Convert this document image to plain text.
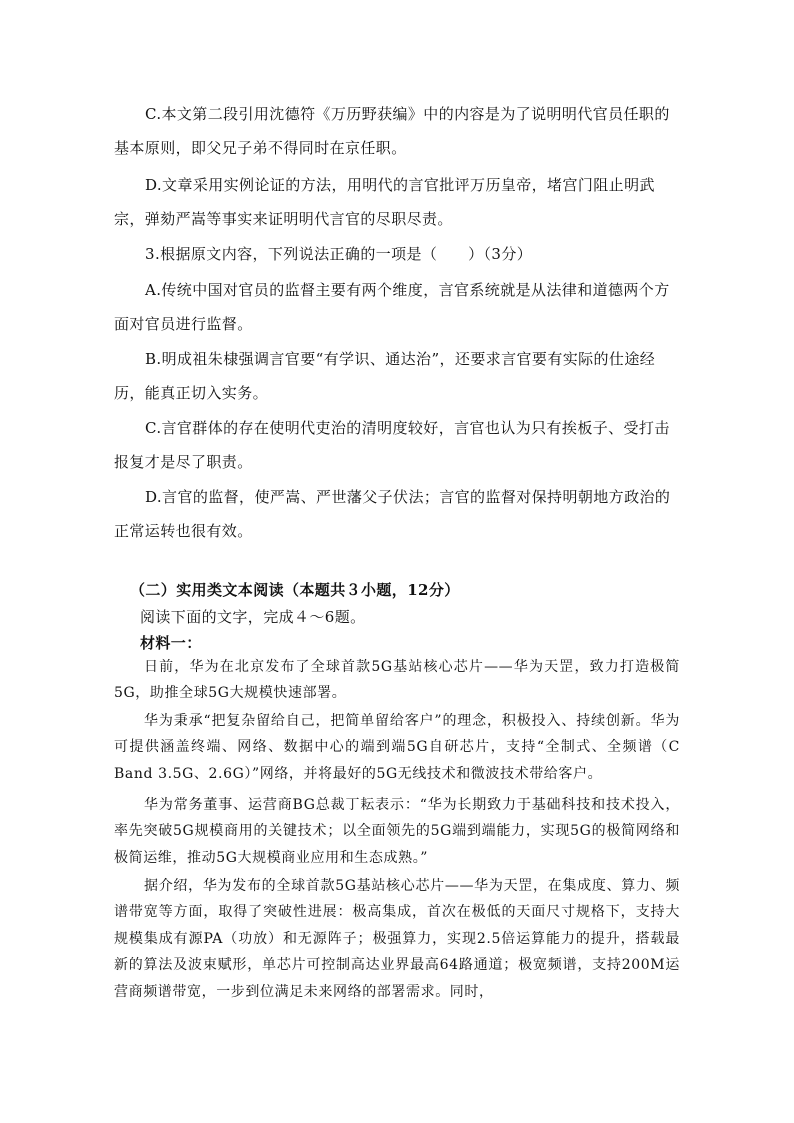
C.本文第二段引用沈德符《万历野获编》中的内容是为了说明明代官员任职的基本原则，即父兄子弟不得同时在京任职。

D.文章采用实例论证的方法，用明代的言官批评万历皇帝，堵宫门阻止明武宗，弹劾严嵩等事实来证明明代言官的尽职尽责。

3.根据原文内容，下列说法正确的一项是（　　）（3分）

A.传统中国对官员的监督主要有两个维度，言官系统就是从法律和道德两个方面对官员进行监督。

B.明成祖朱棣强调言官要“有学识、通达治”，还要求言官要有实际的仕途经历，能真正切入实务。

C.言官群体的存在使明代吏治的清明度较好，言官也认为只有挨板子、受打击报复才是尽了职责。

D.言官的监督，使严嵩、严世藩父子伏法；言官的监督对保持明朝地方政治的正常运转也很有效。

（二）实用类文本阅读（本题共３小题，12分）

阅读下面的文字，完成４～6题。

材料一：

日前，华为在北京发布了全球首款5G基站核心芯片——华为天罡，致力打造极简5G，助推全球5G大规模快速部署。

华为秉承“把复杂留给自己，把简单留给客户”的理念，积极投入、持续创新。华为可提供涵盖终端、网络、数据中心的端到端5G自研芯片，支持“全制式、全频谱（C Band 3.5G、2.6G）”网络，并将最好的5G无线技术和微波技术带给客户。

华为常务董事、运营商BG总裁丁耘表示：“华为长期致力于基础科技和技术投入，率先突破5G规模商用的关键技术；以全面领先的5G端到端能力，实现5G的极简网络和极简运维，推动5G大规模商业应用和生态成熟。”

据介绍，华为发布的全球首款5G基站核心芯片——华为天罡，在集成度、算力、频谱带宽等方面，取得了突破性进展：极高集成，首次在极低的天面尺寸规格下，支持大规模集成有源PA（功放）和无源阵子；极强算力，实现2.5倍运算能力的提升，搭载最新的算法及波束赋形，单芯片可控制高达业界最高64路通道；极宽频谱，支持200M运营商频谱带宽，一步到位满足未来网络的部署需求。同时，
